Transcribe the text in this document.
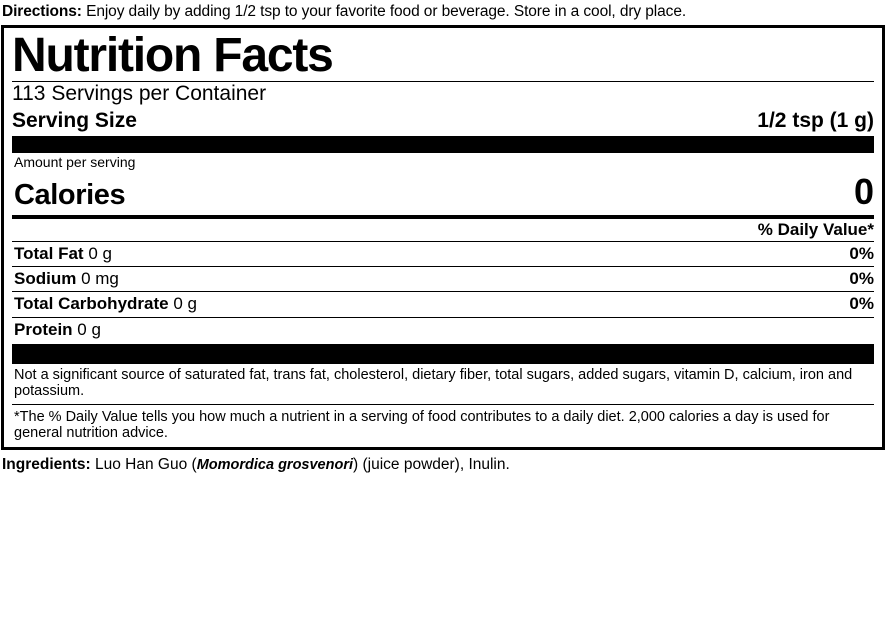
Directions: Enjoy daily by adding 1/2 tsp to your favorite food or beverage. Store in a cool, dry place.
Nutrition Facts
113 Servings per Container
Serving Size	1/2 tsp (1 g)
Amount per serving
Calories	0
% Daily Value*
Total Fat 0 g	0%
Sodium 0 mg	0%
Total Carbohydrate 0 g	0%
Protein 0 g
Not a significant source of saturated fat, trans fat, cholesterol, dietary fiber, total sugars, added sugars, vitamin D, calcium, iron and potassium.
*The % Daily Value tells you how much a nutrient in a serving of food contributes to a daily diet. 2,000 calories a day is used for general nutrition advice.
Ingredients: Luo Han Guo (Momordica grosvenori) (juice powder), Inulin.
